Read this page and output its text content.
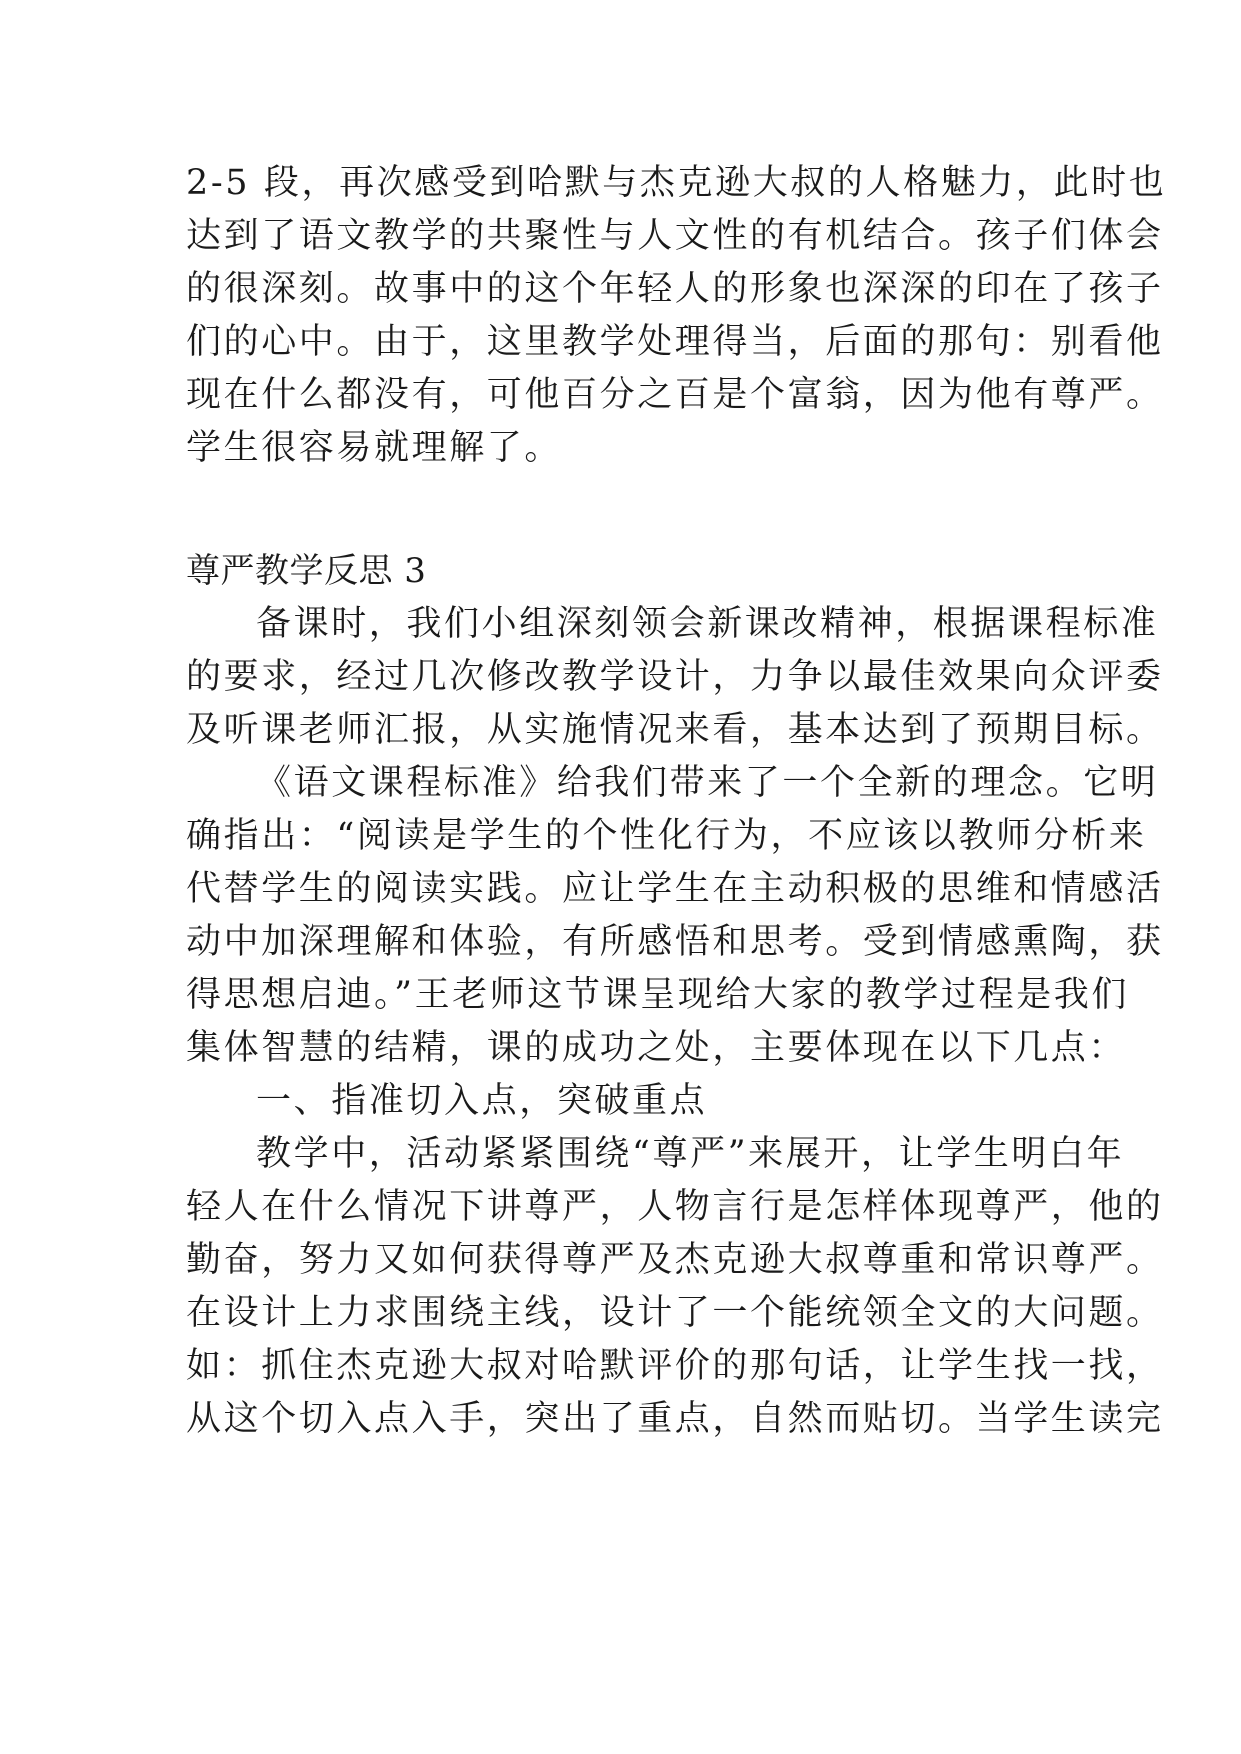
2-5 段，再次感受到哈默与杰克逊大叔的人格魅力，此时也
达到了语文教学的共聚性与人文性的有机结合。孩子们体会
的很深刻。故事中的这个年轻人的形象也深深的印在了孩子
们的心中。由于，这里教学处理得当，后面的那句：别看他
现在什么都没有，可他百分之百是个富翁，因为他有尊严。
学生很容易就理解了。
尊严教学反思 3
备课时，我们小组深刻领会新课改精神，根据课程标准
的要求，经过几次修改教学设计，力争以最佳效果向众评委
及听课老师汇报，从实施情况来看，基本达到了预期目标。
《语文课程标准》给我们带来了一个全新的理念。它明
确指出：“阅读是学生的个性化行为，不应该以教师分析来
代替学生的阅读实践。应让学生在主动积极的思维和情感活
动中加深理解和体验，有所感悟和思考。受到情感熏陶，获
得思想启迪。”王老师这节课呈现给大家的教学过程是我们
集体智慧的结精，课的成功之处，主要体现在以下几点：
一、指准切入点，突破重点
教学中，活动紧紧围绕“尊严”来展开，让学生明白年
轻人在什么情况下讲尊严，人物言行是怎样体现尊严，他的
勤奋，努力又如何获得尊严及杰克逊大叔尊重和常识尊严。
在设计上力求围绕主线，设计了一个能统领全文的大问题。
如：抓住杰克逊大叔对哈默评价的那句话，让学生找一找，
从这个切入点入手，突出了重点，自然而贴切。当学生读完
